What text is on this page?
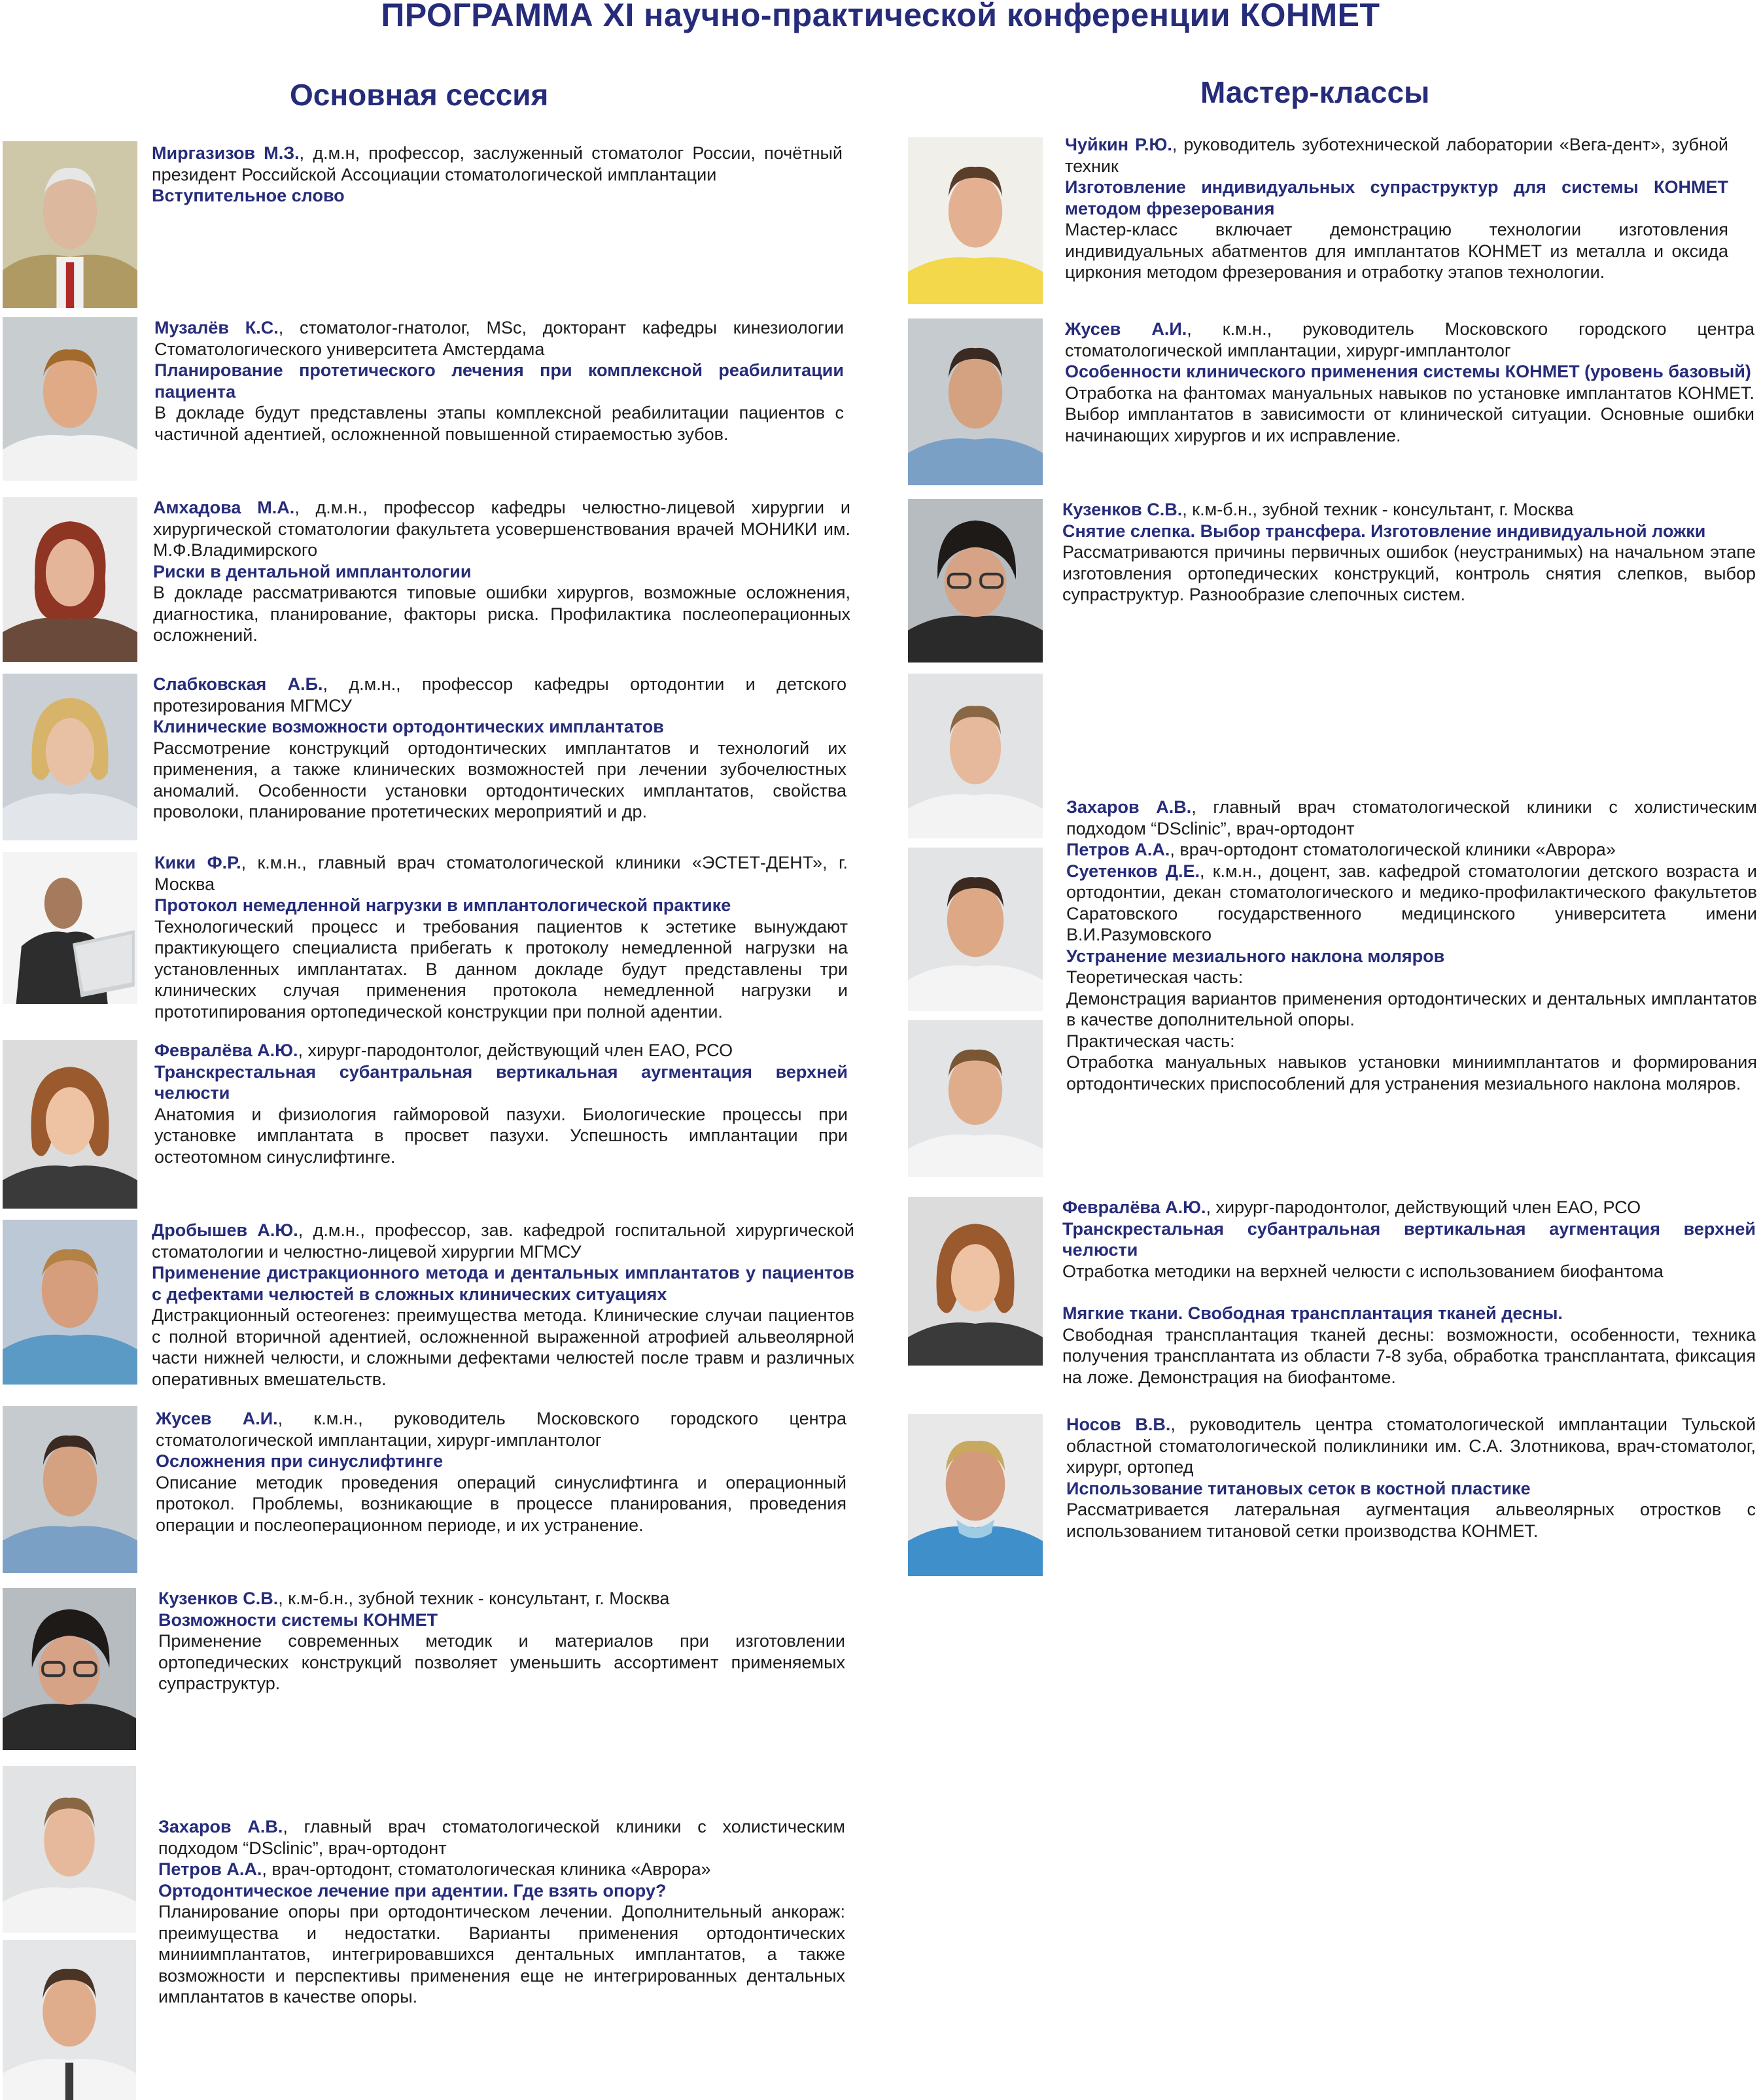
ПРОГРАММА XI научно-практической конференции КОНМЕТ
Основная сессия	Мастер-классы

Миргазизов М.З., д.м.н, профессор, заслуженный стоматолог России, почётный президент Российской Ассоциации стоматологической имплантации

Вступительное слово

Музалёв К.С., стоматолог-гнатолог, MSc, докторант кафедры кинезиологии Стоматологического университета Амстердама

Планирование протетического лечения при комплексной реабилитации пациента

В докладе будут представлены этапы комплексной реабилитации пациентов с частичной адентией, осложненной повышенной стираемостью зубов.

Амхадова М.А., д.м.н., профессор кафедры челюстно-лицевой хирургии и хирургической стоматологии факультета усовершенствования врачей МОНИКИ им. М.Ф.Владимирского

Риски в дентальной имплантологии

В докладе рассматриваются типовые ошибки хирургов, возможные осложнения, диагностика, планирование, факторы риска. Профилактика послеоперационных осложнений.

Слабковская А.Б., д.м.н., профессор кафедры ортодонтии и детского протезирования МГМСУ

Клинические возможности ортодонтических имплантатов

Рассмотрение конструкций ортодонтических имплантатов и технологий их применения, а также клинических возможностей при лечении зубочелюстных аномалий. Особенности установки ортодонтических имплантатов, свойства проволоки, планирование протетических мероприятий и др.

Кики Ф.Р., к.м.н., главный врач стоматологической клиники «ЭСТЕТ-ДЕНТ», г. Москва

Протокол немедленной нагрузки в имплантологической практике

Технологический процесс и требования пациентов к эстетике вынуждают практикующего специалиста прибегать к протоколу немедленной нагрузки на установленных имплантатах. В данном докладе будут представлены три клинических случая применения протокола немедленной нагрузки и прототипирования ортопедической конструкции при полной адентии.

Февралёва А.Ю., хирург-пародонтолог, действующий член ЕАО, РСО

Транскрестальная субантральная вертикальная аугментация верхней челюсти

Анатомия и физиология гайморовой пазухи. Биологические процессы при установке имплантата в просвет пазухи. Успешность имплантации при остеотомном синуслифтинге.

Дробышев А.Ю., д.м.н., профессор, зав. кафедрой госпитальной хирургической стоматологии и челюстно-лицевой хирургии МГМСУ

Применение дистракционного метода и дентальных имплантатов у пациентов с дефектами челюстей в сложных клинических ситуациях

Дистракционный остеогенез: преимущества метода. Клинические случаи пациентов с полной вторичной адентией, осложненной выраженной атрофией альвеолярной части нижней челюсти, и сложными дефектами челюстей после травм и различных оперативных вмешательств.

Жусев А.И., к.м.н., руководитель Московского городского центра стоматологической имплантации, хирург-имплантолог

Осложнения при синуслифтинге

Описание методик проведения операций синуслифтинга и операционный протокол. Проблемы, возникающие в процессе планирования, проведения операции и послеоперационном периоде, и их устранение.

Кузенков С.В., к.м-б.н., зубной техник - консультант, г. Москва

Возможности системы КОНМЕТ

Применение современных методик и материалов при изготовлении ортопедических конструкций позволяет уменьшить ассортимент применяемых супраструктур.

Захаров А.В., главный врач стоматологической клиники с холистическим подходом “DSclinic”, врач-ортодонт

Петров А.А., врач-ортодонт, стоматологическая клиника «Аврора»

Ортодонтическое лечение при адентии. Где взять опору?

Планирование опоры при ортодонтическом лечении. Дополнительный анкораж: преимущества и недостатки. Варианты применения ортодонтических миниимплантатов, интегрировавшихся дентальных имплантатов, а также возможности и перспективы применения еще не интегрированных дентальных имплантатов в качестве опоры.

Чуйкин Р.Ю., руководитель зуботехнической лаборатории «Вега-дент», зубной техник

Изготовление индивидуальных супраструктур для системы КОНМЕТ методом фрезерования

Мастер-класс включает демонстрацию технологии изготовления индивидуальных абатментов для имплантатов КОНМЕТ из металла и оксида циркония методом фрезерования и отработку этапов технологии.

Жусев А.И., к.м.н., руководитель Московского городского центра стоматологической имплантации, хирург-имплантолог

Особенности клинического применения системы КОНМЕТ (уровень базовый)

Отработка на фантомах мануальных навыков по установке имплантатов КОНМЕТ. Выбор имплантатов в зависимости от клинической ситуации. Основные ошибки начинающих хирургов и их исправление.

Кузенков С.В., к.м-б.н., зубной техник - консультант, г. Москва

Снятие слепка. Выбор трансфера. Изготовление индивидуальной ложки

Рассматриваются причины первичных ошибок (неустранимых) на начальном этапе изготовления ортопедических конструкций, контроль снятия слепков, выбор супраструктур. Разнообразие слепочных систем.

Захаров А.В., главный врач стоматологической клиники с холистическим подходом “DSclinic”, врач-ортодонт

Петров А.А., врач-ортодонт стоматологической клиники «Аврора»

Суетенков Д.Е., к.м.н., доцент, зав. кафедрой стоматологии детского возраста и ортодонтии, декан стоматологического и медико-профилактического факультетов Саратовского государственного медицинского университета имени В.И.Разумовского

Устранение мезиального наклона моляров

Теоретическая часть:

Демонстрация вариантов применения ортодонтических и дентальных имплантатов в качестве дополнительной опоры.

Практическая часть:

Отработка мануальных навыков установки миниимплантатов и формирования ортодонтических приспособлений для устранения мезиального наклона моляров.

Февралёва А.Ю., хирург-пародонтолог, действующий член ЕАО, РСО

Транскрестальная субантральная вертикальная аугментация верхней челюсти

Отработка методики на верхней челюсти с использованием биофантома

Мягкие ткани. Свободная трансплантация тканей десны.

Свободная трансплантация тканей десны: возможности, особенности, техника получения трансплантата из области 7-8 зуба, обработка трансплантата, фиксация на ложе. Демонстрация на биофантоме.

Носов В.В., руководитель центра стоматологической имплантации Тульской областной стоматологической поликлиники им. С.А. Злотникова, врач-стоматолог, хирург, ортопед

Использование титановых сеток в костной пластике

Рассматривается латеральная аугментация альвеолярных отростков с использованием титановой сетки производства КОНМЕТ.
